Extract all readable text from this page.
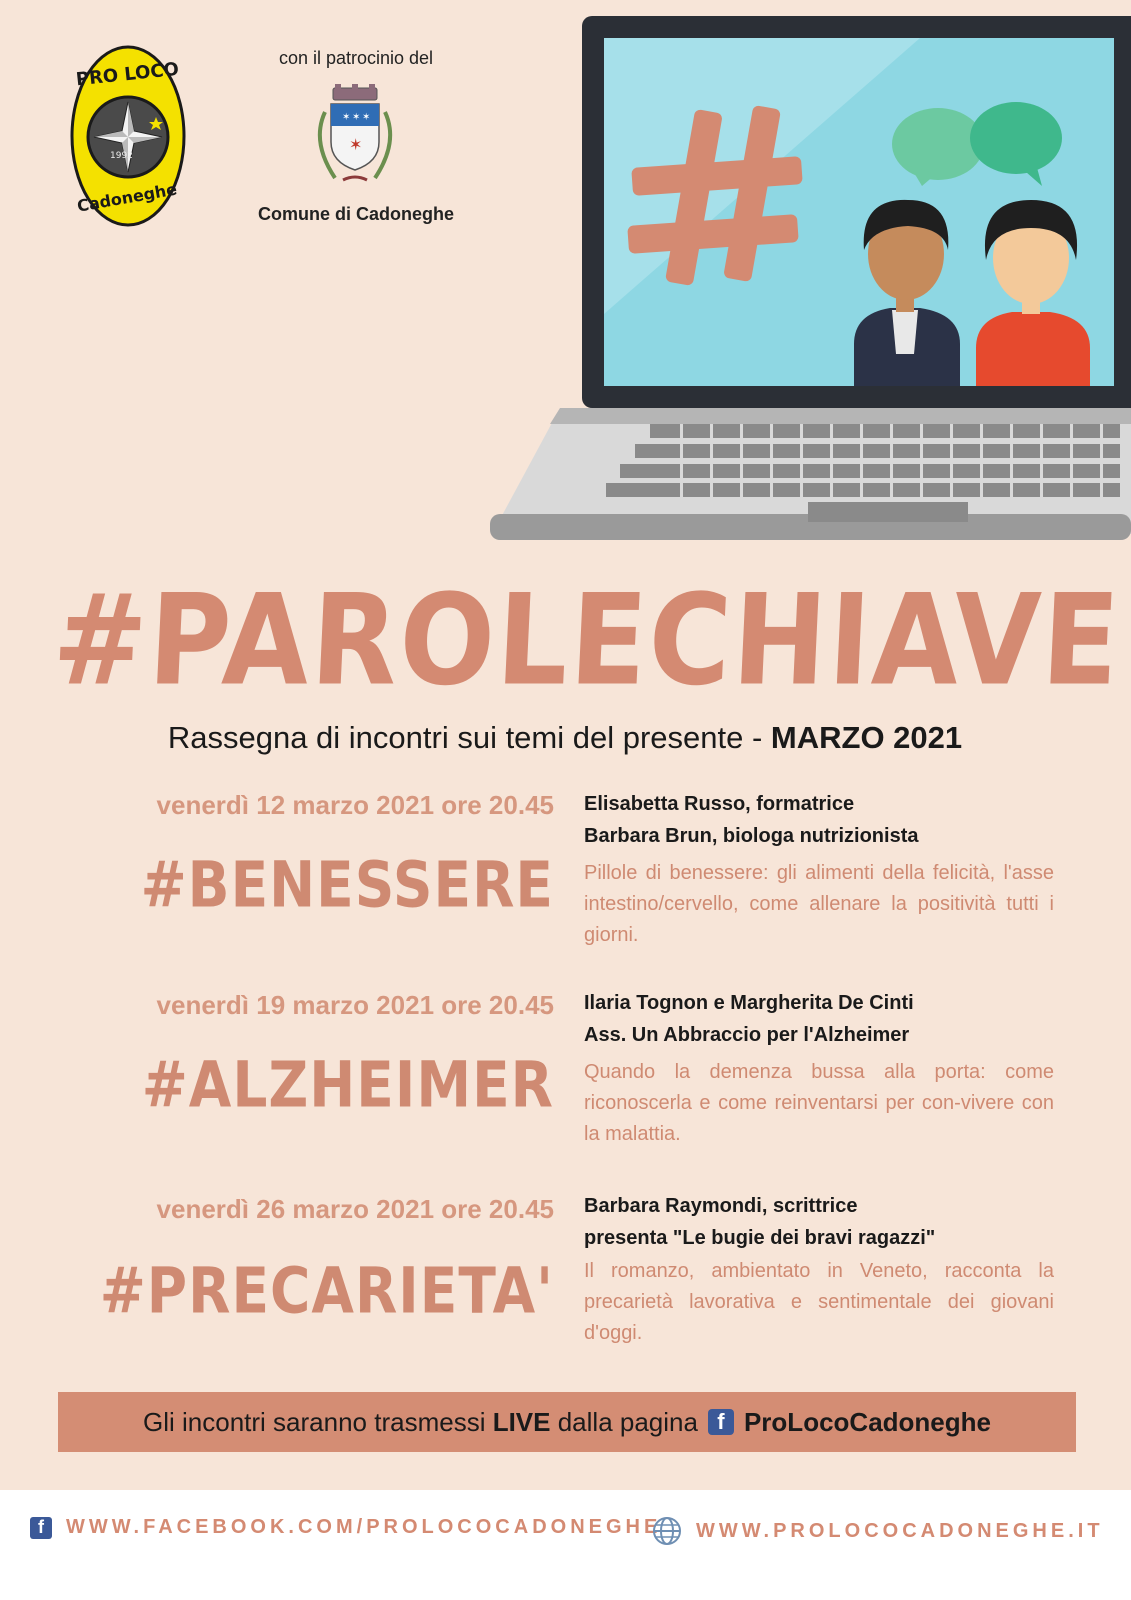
PRO LOCO
1992
Cadoneghe
con il patrocinio del
✶ ✶ ✶
✶
Comune di Cadoneghe
#PAROLECHIAVE
Rassegna di incontri sui temi del presente - MARZO 2021
venerdì 12 marzo 2021 ore 20.45
#BENESSERE
Elisabetta Russo, formatrice
Barbara Brun, biologa nutrizionista
Pillole di benessere: gli alimenti della felicità, l'asse intestino/cervello, come allenare la positività tutti i giorni.
venerdì 19 marzo 2021 ore 20.45
#ALZHEIMER
Ilaria Tognon e Margherita De Cinti
Ass. Un Abbraccio per l'Alzheimer
Quando la demenza bussa alla porta: come riconoscerla e come reinventarsi per con-vivere con la malattia.
venerdì 26 marzo 2021 ore 20.45
#PRECARIETA'
Barbara Raymondi, scrittrice
presenta "Le bugie dei bravi ragazzi"
Il romanzo, ambientato in Veneto, racconta la precarietà lavorativa e sentimentale dei giovani d'oggi.
Gli incontri saranno trasmessi LIVE dalla pagina f ProLocoCadoneghe
f	WWW.FACEBOOK.COM/PROLOCOCADONEGHE WWW.PROLOCOCADONEGHE.IT
